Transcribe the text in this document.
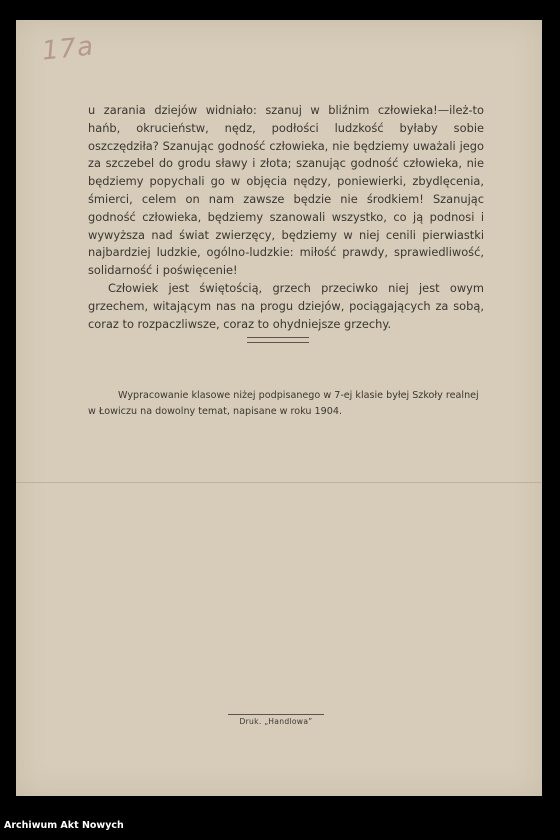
17a

u zarania dziejów widniało: szanuj w bliźnim człowieka!—ileż-to hańb, okrucieństw, nędz, podłości ludzkość byłaby sobie oszczędziła? Szanując godność człowieka, nie będziemy uważali jego za szczebel do grodu sławy i złota; szanując godność człowieka, nie będziemy popychali go w objęcia nędzy, poniewierki, zbydlęcenia, śmierci, celem on nam zawsze będzie nie środkiem! Szanując godność człowieka, będziemy szanowali wszystko, co ją podnosi i wywyższa nad świat zwierzęcy, będziemy w niej cenili pierwiastki najbardziej ludzkie, ogólno-ludzkie: miłość prawdy, sprawiedliwość, solidarność i poświęcenie!

Człowiek jest świętością, grzech przeciwko niej jest owym grzechem, witającym nas na progu dziejów, pociągających za sobą, coraz to rozpaczliwsze, coraz to ohydniejsze grzechy.

Wypracowanie klasowe niżej podpisanego w 7-ej klasie byłej Szkoły realnej w Łowiczu na dowolny temat, napisane w roku 1904.

Druk. „Handlowa”
Archiwum Akt Nowych
